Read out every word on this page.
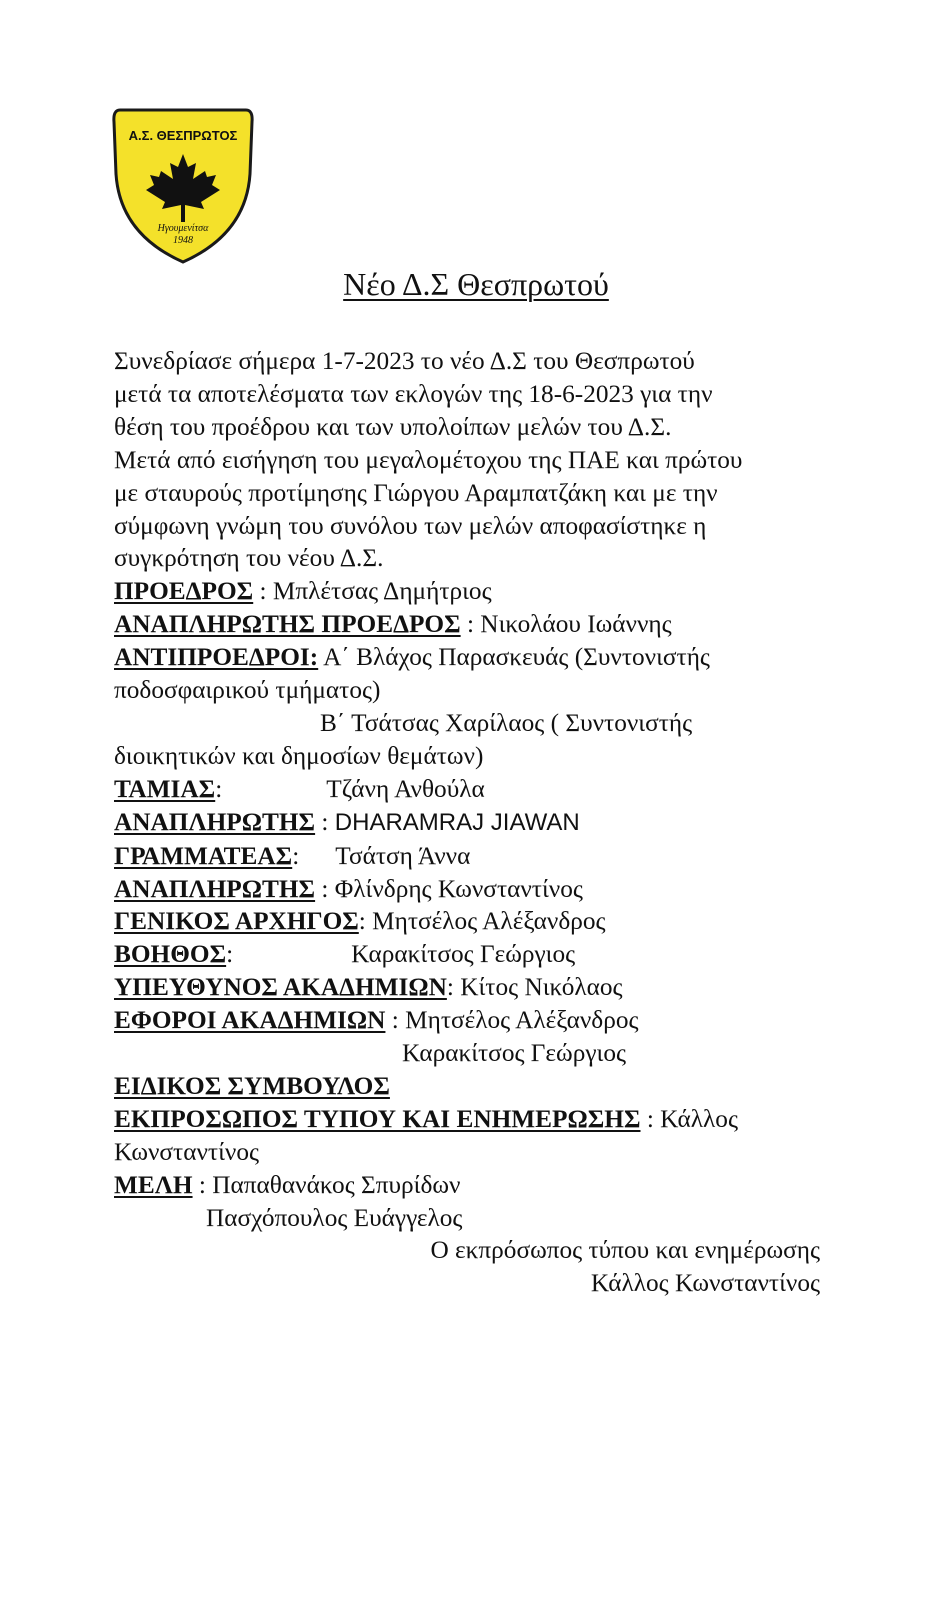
Α.Σ. ΘΕΣΠΡΩΤΟΣ
Ηγουμενίτσα
1948
Νέο Δ.Σ Θεσπρωτού
Συνεδρίασε σήμερα 1-7-2023 το νέο Δ.Σ του Θεσπρωτού
μετά τα αποτελέσματα των εκλογών της 18-6-2023 για την
θέση του προέδρου και των υπολοίπων μελών του Δ.Σ.
Μετά από εισήγηση του μεγαλομέτοχου της ΠΑΕ και πρώτου
με σταυρούς προτίμησης Γιώργου Αραμπατζάκη και με την
σύμφωνη γνώμη του συνόλου των μελών αποφασίστηκε η
συγκρότηση του νέου Δ.Σ.
ΠΡΟΕΔΡΟΣ : Μπλέτσας Δημήτριος
ΑΝΑΠΛΗΡΩΤΗΣ ΠΡΟΕΔΡΟΣ : Νικολάου Ιωάννης
ΑΝΤΙΠΡΟΕΔΡΟΙ: Α΄ Βλάχος Παρασκευάς (Συντονιστής
ποδοσφαιρικού τμήματος)
Β΄ Τσάτσας Χαρίλαος ( Συντονιστής
διοικητικών και δημοσίων θεμάτων)
ΤΑΜΙΑΣ:	Τζάνη Ανθούλα
ΑΝΑΠΛΗΡΩΤΗΣ : DHARAMRAJ JIAWAN
ΓΡΑΜΜΑΤΕΑΣ: Τσάτση Άννα
ΑΝΑΠΛΗΡΩΤΗΣ : Φλίνδρης Κωνσταντίνος
ΓΕΝΙΚΟΣ ΑΡΧΗΓΟΣ: Μητσέλος Αλέξανδρος
ΒΟΗΘΟΣ:	Καρακίτσος Γεώργιος
ΥΠΕΥΘΥΝΟΣ ΑΚΑΔΗΜΙΩΝ: Κίτος Νικόλαος
ΕΦΟΡΟΙ ΑΚΑΔΗΜΙΩΝ : Μητσέλος Αλέξανδρος
Καρακίτσος Γεώργιος
ΕΙΔΙΚΟΣ ΣΥΜΒΟΥΛΟΣ
ΕΚΠΡΟΣΩΠΟΣ ΤΥΠΟΥ ΚΑΙ ΕΝΗΜΕΡΩΣΗΣ : Κάλλος
Κωνσταντίνος
ΜΕΛΗ : Παπαθανάκος Σπυρίδων
Πασχόπουλος Ευάγγελος
Ο εκπρόσωπος τύπου και ενημέρωσης
Κάλλος Κωνσταντίνος
